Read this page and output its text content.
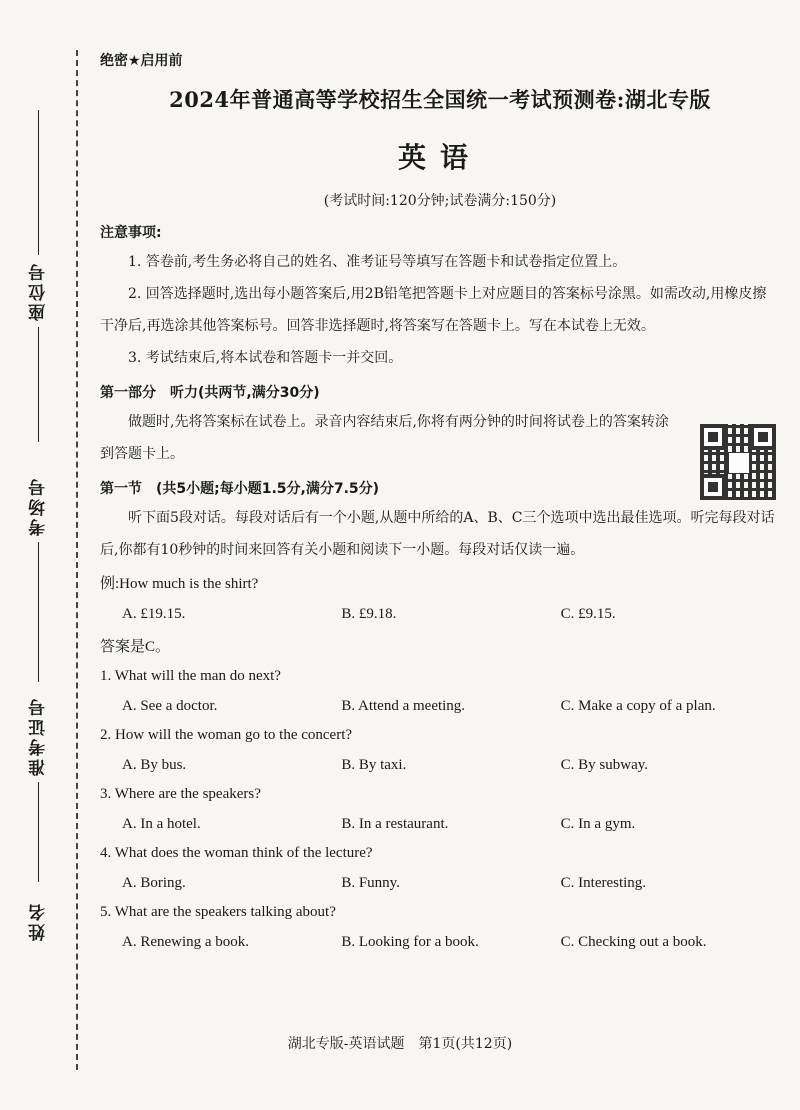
座位号
考场号
准考证号
姓名

绝密★启用前

2024年普通高等学校招生全国统一考试预测卷:湖北专版

英语

(考试时间:120分钟;试卷满分:150分)

注意事项:

1. 答卷前,考生务必将自己的姓名、准考证号等填写在答题卡和试卷指定位置上。

2. 回答选择题时,选出每小题答案后,用2B铅笔把答题卡上对应题目的答案标号涂黑。如需改动,用橡皮擦干净后,再选涂其他答案标号。回答非选择题时,将答案写在答题卡上。写在本试卷上无效。

3. 考试结束后,将本试卷和答题卡一并交回。

第一部分　听力(共两节,满分30分)

做题时,先将答案标在试卷上。录音内容结束后,你将有两分钟的时间将试卷上的答案转涂到答题卡上。

第一节　(共5小题;每小题1.5分,满分7.5分)

听下面5段对话。每段对话后有一个小题,从题中所给的A、B、C三个选项中选出最佳选项。听完每段对话后,你都有10秒钟的时间来回答有关小题和阅读下一小题。每段对话仅读一遍。

例:How much is the shirt?

A. £19.15.	B. £9.18.	C. £9.15.

答案是C。

1. What will the man do next?

A. See a doctor.	B. Attend a meeting.	C. Make a copy of a plan.

2. How will the woman go to the concert?

A. By bus.	B. By taxi.	C. By subway.

3. Where are the speakers?

A. In a hotel.	B. In a restaurant.	C. In a gym.

4. What does the woman think of the lecture?

A. Boring.	B. Funny.	C. Interesting.

5. What are the speakers talking about?

A. Renewing a book.	B. Looking for a book.	C. Checking out a book.
湖北专版-英语试题　第1页(共12页)
